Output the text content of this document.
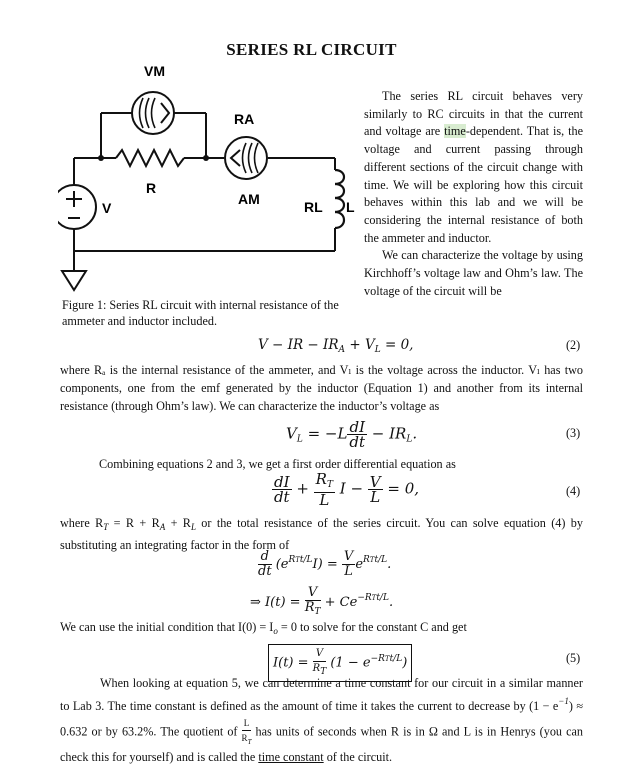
SERIES RL CIRCUIT
VM
RA
R
AM	RL L
V
Figure 1: Series RL circuit with internal resistance of the ammeter and inductor included.
The series RL circuit behaves very similarly to RC circuits in that the current and voltage are time-dependent. That is, the voltage and current passing through different sections of the circuit change with time. We will be exploring how this circuit behaves within this lab and we will be considering the internal resistance of both the ammeter and inductor.
We can characterize the voltage by using Kirchhoff’s voltage law and Ohm’s law. The voltage of the circuit will be
V − IR − $IR_A + V_L = 0$,	(2)
where Rₐ is the internal resistance of the ammeter, and Vₗ is the voltage across the inductor. Vₗ has two components, one from the emf generated by the inductor (Equation 1) and another from its internal resistance (through Ohm’s law). We can characterize the inductor’s voltage as
$V_L = -L \frac{dI}{dt} - IR_L$.	(3)
Combining equations 2 and 3, we get a first order differential equation as
$\frac{dI}{dt} + \frac{R_T}{L}$ $I - \frac{V}{L} = 0$,	(4)
where $R_T = R + R_A + R_L$ or the total resistance of the series circuit. You can solve equation (4) by substituting an integrating factor in the form of
$\frac{d}{dt} (e^{RTt/L}I) = \frac{V}{L} e^{RTt/L}$.
⇒ $I(t) = \frac{V}{R_T} + Ce^{-RTt/L}$.
We can use the initial condition that $I(0) = I_o = 0$ to solve for the constant C and get
$I(t) = \frac{V}{RT} (1 - e^{-RTt/L})$	(5)
When looking at equation 5, we can determine a time constant for our circuit in a similar manner to Lab 3. The time constant is defined as the amount of time it takes the current to decrease by $(1 - e^{-1}) \approx 0.632$ or by 63.2%. The quotient of $\frac{L}{R_T}$ has units of seconds when R is in Ω and L is in Henrys (you can check this for yourself) and is called the time constant of the circuit.
